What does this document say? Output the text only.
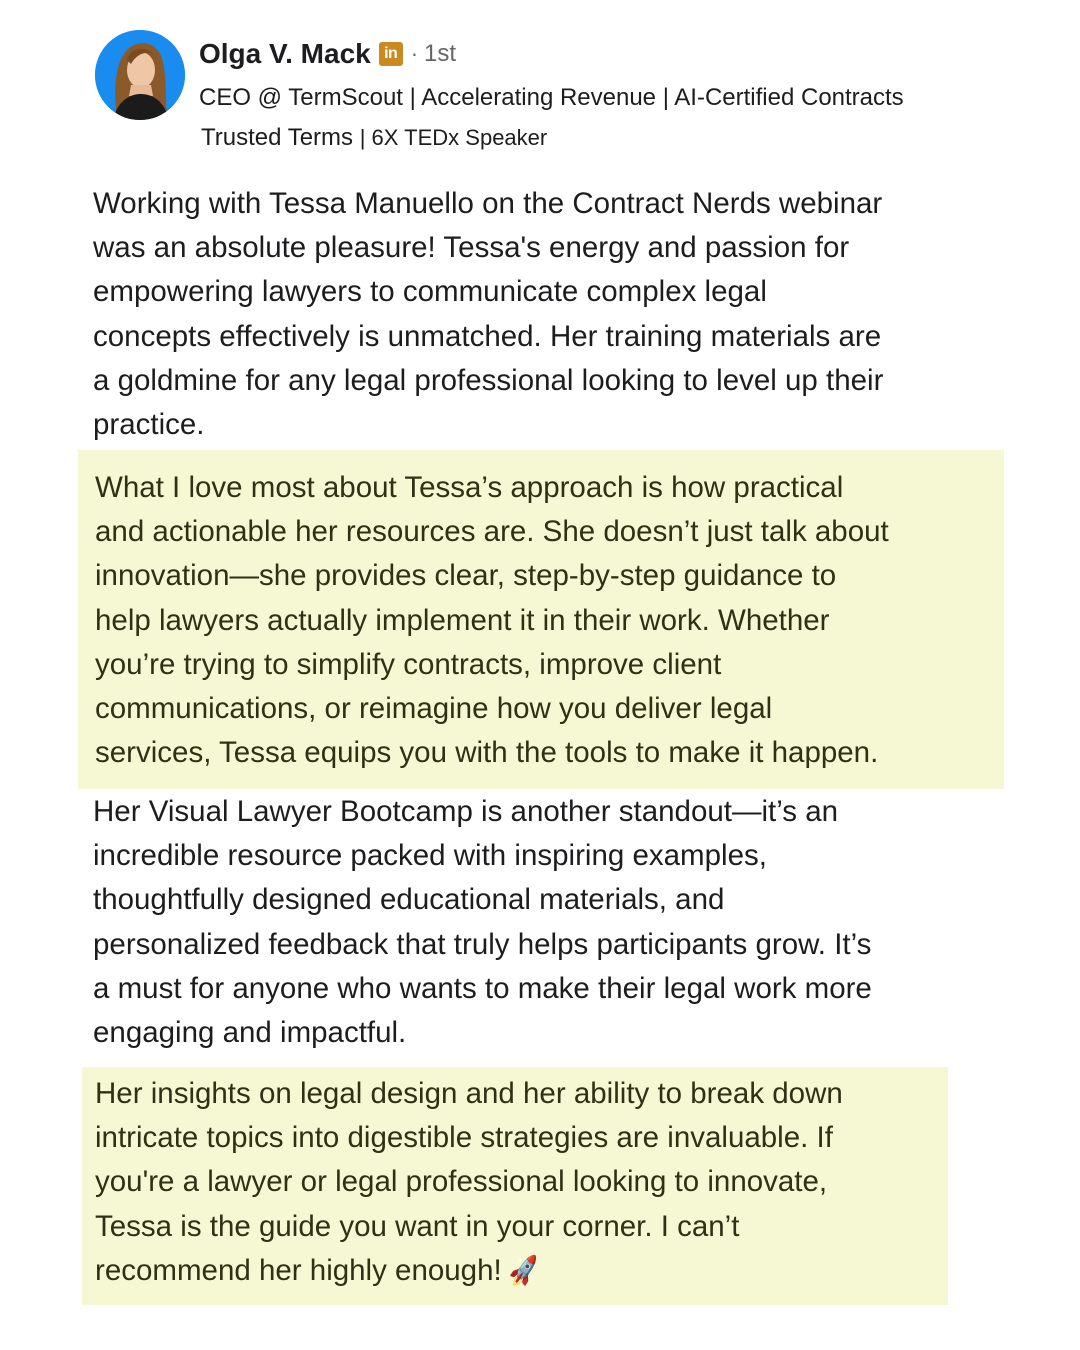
Olga V. Mack in · 1st
CEO @ TermScout | Accelerating Revenue | AI-Certified Contracts
Trusted Terms | 6X TEDx Speaker
Working with Tessa Manuello on the Contract Nerds webinar
was an absolute pleasure! Tessa's energy and passion for
empowering lawyers to communicate complex legal
concepts effectively is unmatched. Her training materials are
a goldmine for any legal professional looking to level up their
practice.
What I love most about Tessa’s approach is how practical
and actionable her resources are. She doesn’t just talk about
innovation—she provides clear, step-by-step guidance to
help lawyers actually implement it in their work. Whether
you’re trying to simplify contracts, improve client
communications, or reimagine how you deliver legal
services, Tessa equips you with the tools to make it happen.
Her Visual Lawyer Bootcamp is another standout—it’s an
incredible resource packed with inspiring examples,
thoughtfully designed educational materials, and
personalized feedback that truly helps participants grow. It’s
a must for anyone who wants to make their legal work more
engaging and impactful.
Her insights on legal design and her ability to break down
intricate topics into digestible strategies are invaluable. If
you're a lawyer or legal professional looking to innovate,
Tessa is the guide you want in your corner. I can’t
recommend her highly enough! 🚀
